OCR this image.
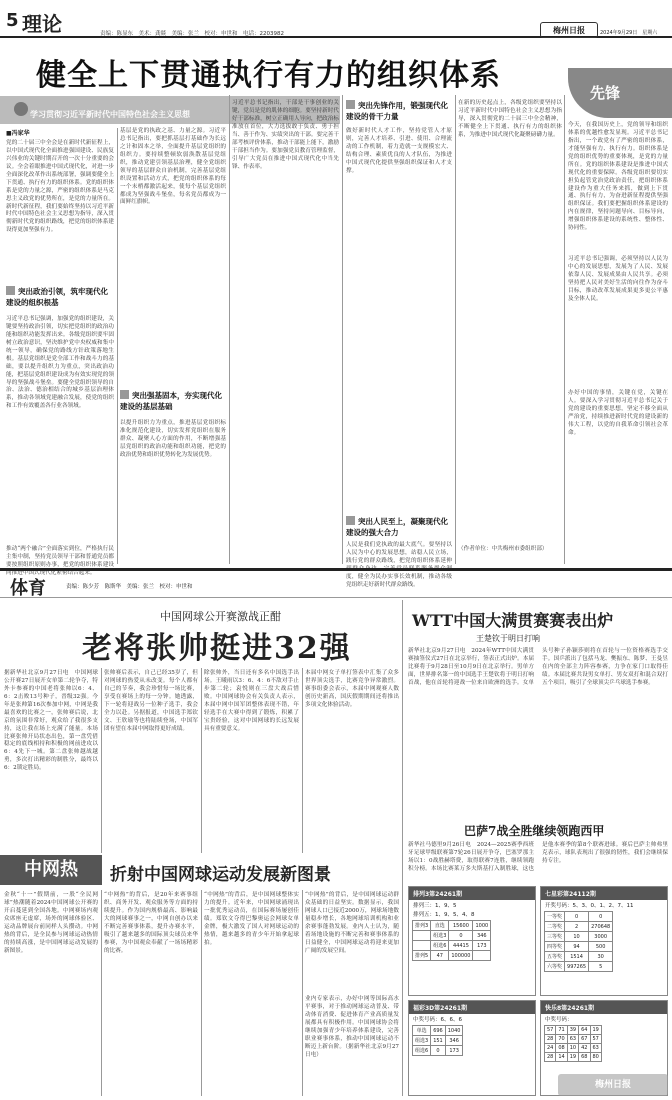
5 理论	责编：陈显东　美术：龚燚　美编：张兰　校对：申世和　电话：2203982	梅州日报	2024年9月29日　星期六
健全上下贯通执行有力的组织体系	先锋
学习贯彻习近平新时代中国特色社会主义思想
■冯家华
党的二十届三中全会是在新时代新征程上，以中国式现代化全面推进强国建设、民族复兴伟业的关键时期召开的一次十分重要的会议。全会着眼推进中国式现代化，对进一步全面深化改革作出系统部署，强调要健全上下贯通、执行有力的组织体系。党的组织体系是党的力量之源，严密的组织体系是马克思主义政党的优势所在，是党的力量所在。新时代新征程，我们要始终坚持以习近平新时代中国特色社会主义思想为指导，深入贯彻新时代党的组织路线，把党的组织体系建设得更加坚强有力。
突出政治引领，筑牢现代化建设的组织根基
习近平总书记强调，加强党的组织建设，关键要坚持政治引领，切实把党组织的政治功能和组织功能发挥出来。各级党组织要牢固树立政治意识，坚决维护党中央权威和集中统一领导，确保党的路线方针政策落地生根。基层党组织是党全部工作和战斗力的基础，要以提升组织力为重点，突出政治功能，把基层党组织建设成为有效实现党的领导的坚强战斗堡垒。要健全党组织领导的自治、法治、德治相结合的城乡基层治理体系，推动各领域党建融合发展，使党的组织和工作有效覆盖各行业各领域。
推动“两个融合”全面落实到位，严格执行民主集中制，坚持党员领导干部和普通党员都要按照组织原则办事，把党的组织体系建设同推进中国式现代化紧密结合起来。
基层是党的执政之基、力量之源。习近平总书记指出，要把抓基层打基础作为长远之计和固本之举，全面提升基层党组织的组织力。要持续整顿软弱涣散基层党组织，推动党建引领基层治理，健全党组织领导的基层群众自治机制，完善基层党组织设置和活动方式，把党的组织体系的每一个末梢都激活起来，使每个基层党组织都成为坚强战斗堡垒，每名党员都成为一面鲜红旗帜。
突出强基固本，夯实现代化建设的基层基础
以提升组织力为重点，推进基层党组织标准化规范化建设，切实发挥党组织在服务群众、凝聚人心方面的作用，不断增强基层党组织的政治功能和组织功能，把党的政治优势和组织优势转化为发展优势。
习近平总书记指出，干部是干事创业的关键，党员是党的肌体的细胞。要坚持新时代好干部标准，树立正确用人导向，把政治标准放在首位，大力选拔敢于负责、勇于担当、善于作为、实绩突出的干部。要完善干部考核评价体系，推动干部能上能下，激励干部担当作为。要加强党员教育管理监督，引导广大党员在推进中国式现代化中当先锋、作表率。
突出先锋作用，锻强现代化建设的骨干力量
做好新时代人才工作，坚持党管人才原则，完善人才培养、引进、使用、合理流动的工作机制，着力造就一支规模宏大、结构合理、素质优良的人才队伍，为推进中国式现代化提供坚强组织保证和人才支撑。
突出人民至上，凝聚现代化建设的强大合力
人民是我们党执政的最大底气。要坚持以人民为中心的发展思想，站稳人民立场，践行党的群众路线，把党的组织体系延伸到群众身边，完善党员联系服务群众制度，健全为民办实事长效机制，推动各级党组织走好新时代群众路线。
在新的历史起点上，各级党组织要坚持以习近平新时代中国特色社会主义思想为指导，深入贯彻党的二十届三中全会精神，不断健全上下贯通、执行有力的组织体系，为推进中国式现代化凝聚磅礴力量。
（作者单位：中共梅州市委组织部）
今天，在我国历史上，党的领导和组织体系的优越性愈发显现。习近平总书记指出，一个政党有了严密的组织体系，才能坚强有力、执行有力。组织体系是党的组织优势的重要体现，是党的力量所在。党的组织体系建设是推进中国式现代化的重要保障。各级党组织要切实担负起管党治党政治责任，把组织体系建设作为重大任务来抓，做到上下贯通、执行有力，为奋进新征程提供坚强组织保证。我们要把握组织体系建设的内在规律，坚持问题导向、目标导向，增强组织体系建设的系统性、整体性、协同性。
习近平总书记强调，必须坚持以人民为中心的发展思想，发展为了人民、发展依靠人民、发展成果由人民共享。必须坚持把人民对美好生活的向往作为奋斗目标，推动改革发展成果更多更公平惠及全体人民。
办好中国的事情，关键在党，关键在人。要深入学习贯彻习近平总书记关于党的建设的重要思想，坚定不移全面从严治党，持续推进新时代党的建设新的伟大工程，以党的自我革命引领社会革命。
体育	责编：陈少芳　陈斯华　美编：张兰　校对：申世和
中国网球公开赛激战正酣
老将张帅挺进32强
据新华社北京9月27日电　中国网球公开赛27日展开女单第二轮争夺，特外卡参赛的中国老将张帅以6：4、6：2击败13号种子，晋级32强。今年是张帅第16次参加中网，中网是我最喜欢的比赛之一，张帅赛后说，北京的氛围非常好，观众给了我很多支持，这让我在场上充满了能量。本场比赛张帅开局状态出色，第一盘凭借稳定的底线相持和积极的网前进攻以6：4先下一城。第二盘张帅越战越勇，多次打出精彩的制胜分，最终以6：2锁定胜局。
张帅赛后表示，自己已经35岁了，但对网球的热爱从未改变。每个人都有自己的节奏，我会珍惜每一场比赛，享受在赛场上的每一分钟。她透露，下一轮将迎战另一位种子选手，我会全力以赴。另据报道，中国选手郑钦文、王欣瑜等也将陆续登场，中国军团有望在本届中网取得更好成绩。
除张帅外，当日还有多名中国选手出场。王曦雨以3：6、4：6不敌对手止步第二轮；袁悦则在三盘大战后惜败。中国网球协会有关负责人表示，本届中网中国军团整体表现不错，年轻选手在大赛中得到了锻炼，积累了宝贵经验，这对中国网球的长远发展具有重要意义。
本届中网女子单打签表中汇集了众多世界顶尖选手，比赛竞争异常激烈。赛事组委会表示，本届中网观赛人数创历史新高，国庆假期期间还将推出多项文化体验活动。
中网热	折射中国网球运动发展新图景
金秋“十一”假期前，一股“全民网球”热潮随着2024中国网球公开赛的开启蔓延到全国各地。中网赛场内观众席座无虚席，场外的网球体验区、运动品牌展台前同样人头攒动。中网热的背后，是全民参与网球运动热情的持续高涨，是中国网球运动发展的新图景。
“中网热”的背后，是20年来赛事组织、商务开发、观众服务等方面的持续提升。作为国内规格最高、影响最大的网球赛事之一，中网自创办以来不断完善赛事体系，提升办赛水平，吸引了越来越多的国际顶尖球员来华参赛，为中国观众奉献了一场场精彩的比赛。
“中网热”的背后，是中国网球整体实力的提升。近年来，中国网球涌现出一批优秀运动员，在国际赛场屡创佳绩。郑钦文夺得巴黎奥运会网球女单金牌，极大激发了国人对网球运动的热情，越来越多的青少年开始拿起球拍。
“中网热”的背后，是中国网球运动群众基础的日益坚实。数据显示，我国网球人口已接近2000万，网球场地数量稳步增长，各地网球培训机构和业余赛事蓬勃发展。业内人士认为，随着场地设施的不断完善和赛事体系的日益健全，中国网球运动将迎来更加广阔的发展空间。
业内专家表示，办好中网等国际高水平赛事，对于推动网球运动普及、带动体育消费、促进体育产业高质量发展都具有积极作用。中国网球协会将继续加强青少年培养体系建设，完善职业赛事体系，推动中国网球运动不断迈上新台阶。（据新华社北京9月27日电）
WTT中国大满贯赛赛表出炉
王楚钦于明日打响
新华社北京9月27日电　2024年WTT中国大满贯赛抽签仪式27日在北京举行，签表正式出炉。本届比赛将于9月28日至10月9日在北京举行。男单方面，世界排名第一的中国选手王楚钦将于明日打响首战，他在首轮将迎战一位来自欧洲的选手。女单头号种子孙颖莎则将在首轮与一位资格赛选手交手。国乒派出了包括马龙、樊振东、陈梦、王曼昱在内的全部主力阵容参赛，力争在家门口取得佳绩。本届比赛共设男女单打、男女双打和混合双打五个项目，吸引了全球顶尖乒乓球选手参赛。
巴萨7战全胜继续领跑西甲
新华社马德里9月26日电　2024—2025赛季西班牙足球甲级联赛第7轮26日展开争夺，巴塞罗那主场以1：0战胜赫塔费，取得联赛7连胜，继续领跑积分榜。本场比赛莱万多夫斯基打入制胜球，这也是他本赛季的第8个联赛进球。赛后巴萨主帅弗里克表示，球队表现出了很强的韧性，我们会继续保持专注。
排列3第24261期
排列三：1、9、5
排列五：1、9、5、4、8
排列3	直选	15600	1000
	组选3	0	346
	组选6	44415	173
排列5	47	100000	
七星彩第24112期
开奖号码：5、3、0、1、2、7、11
一等奖	0	0
二等奖	2	270648
三等奖	10	3000
四等奖	94	500
五等奖	1514	30
六等奖	997265	5
福彩3D第24261期
中奖号码：6、6、6
单选	696	1040
组选3	151	346
组选6	0	173
快乐8第24261期
中奖号码：
57	71	39	64	19
28	70	63	67	57
24	08	10	42	63
28	14	19	68	80
梅州日报
